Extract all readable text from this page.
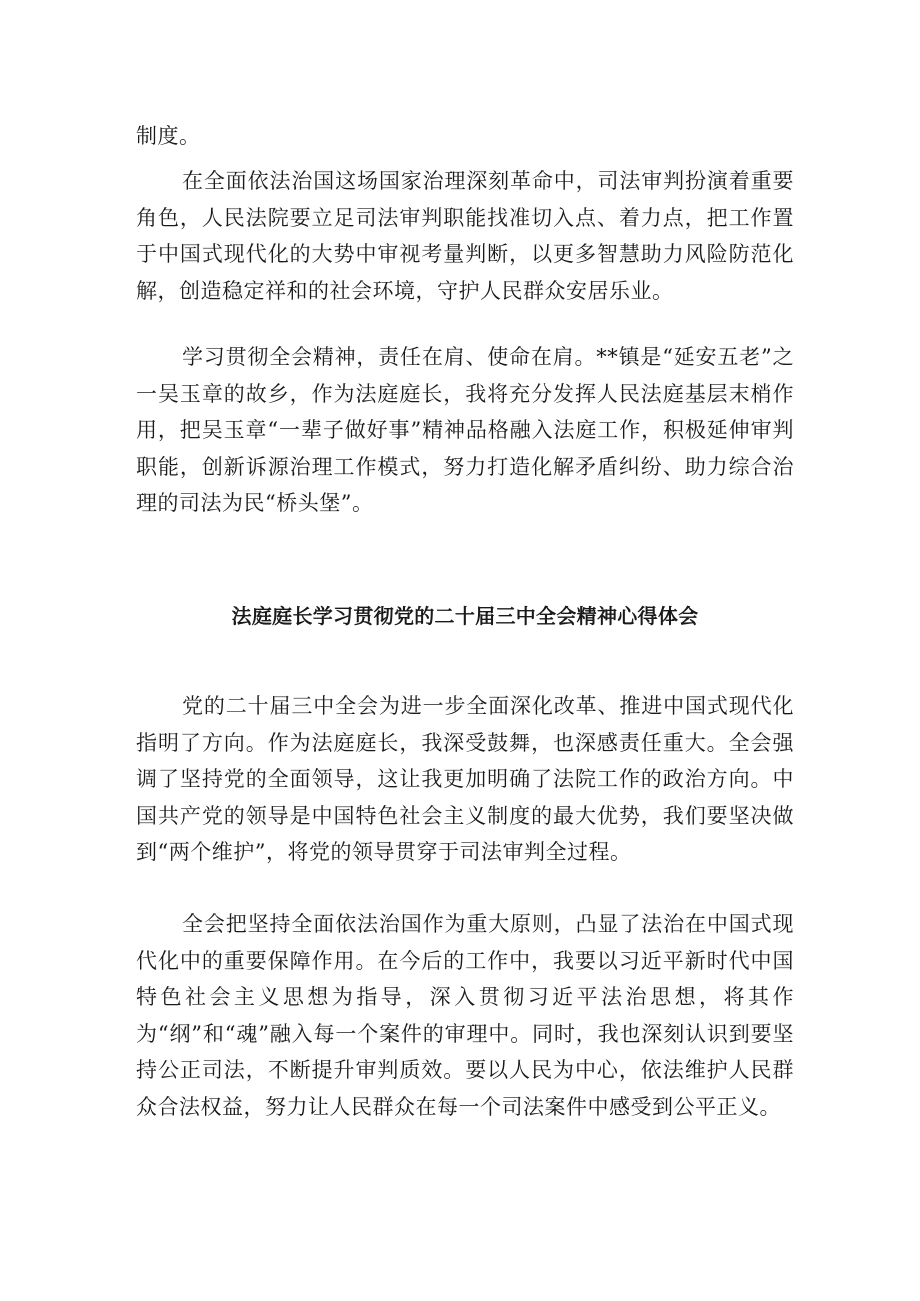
制度。

在全面依法治国这场国家治理深刻革命中，司法审判扮演着重要角色，人民法院要立足司法审判职能找准切入点、着力点，把工作置于中国式现代化的大势中审视考量判断，以更多智慧助力风险防范化解，创造稳定祥和的社会环境，守护人民群众安居乐业。

学习贯彻全会精神，责任在肩、使命在肩。**镇是“延安五老”之一吴玉章的故乡，作为法庭庭长，我将充分发挥人民法庭基层末梢作用，把吴玉章“一辈子做好事”精神品格融入法庭工作，积极延伸审判职能，创新诉源治理工作模式，努力打造化解矛盾纠纷、助力综合治理的司法为民“桥头堡”。

法庭庭长学习贯彻党的二十届三中全会精神心得体会

党的二十届三中全会为进一步全面深化改革、推进中国式现代化指明了方向。作为法庭庭长，我深受鼓舞，也深感责任重大。全会强调了坚持党的全面领导，这让我更加明确了法院工作的政治方向。中国共产党的领导是中国特色社会主义制度的最大优势，我们要坚决做到“两个维护”，将党的领导贯穿于司法审判全过程。

全会把坚持全面依法治国作为重大原则，凸显了法治在中国式现代化中的重要保障作用。在今后的工作中，我要以习近平新时代中国特色社会主义思想为指导，深入贯彻习近平法治思想，将其作为“纲”和“魂”融入每一个案件的审理中。同时，我也深刻认识到要坚持公正司法，不断提升审判质效。要以人民为中心，依法维护人民群众合法权益，努力让人民群众在每一个司法案件中感受到公平正义。
